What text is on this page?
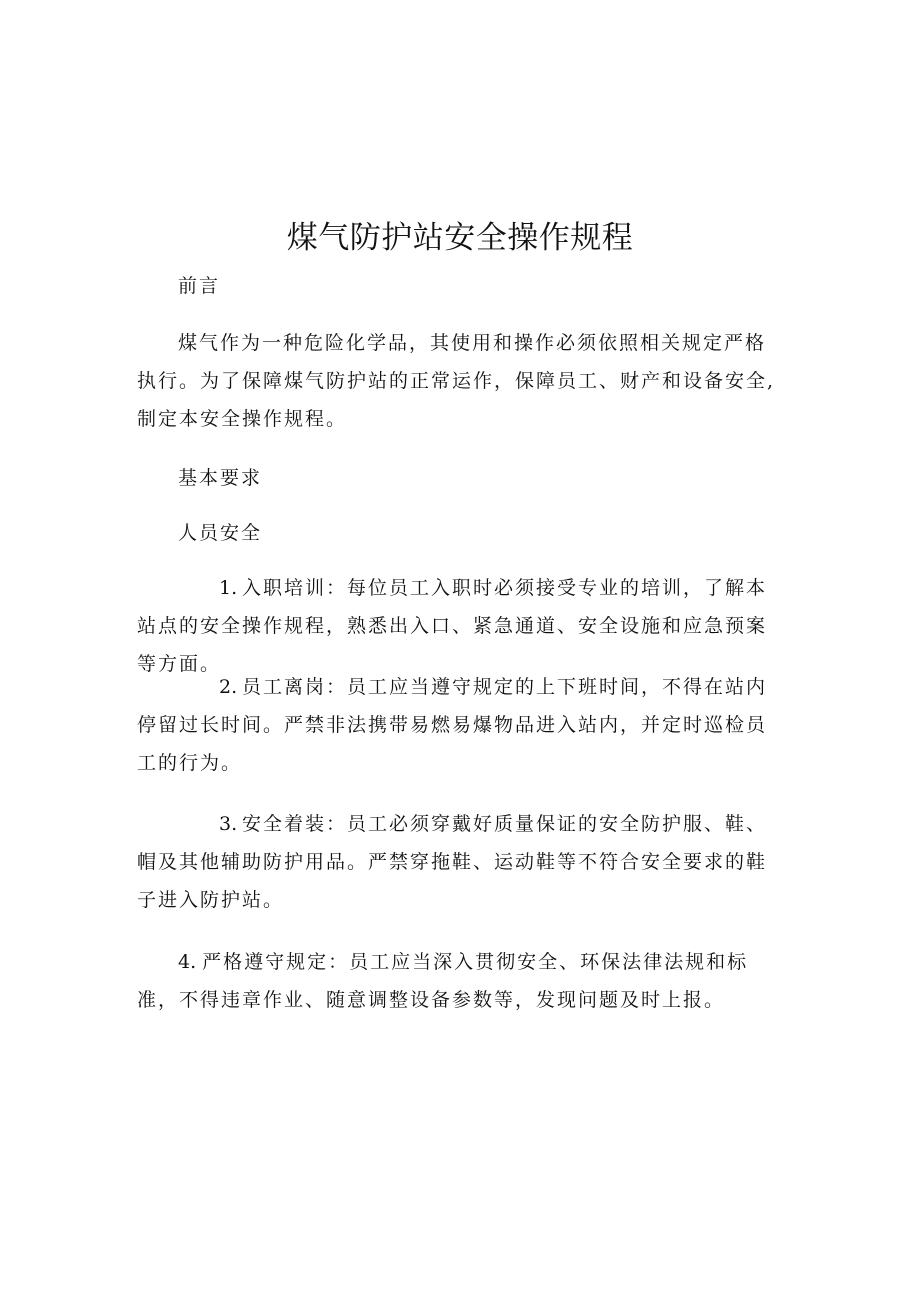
煤气防护站安全操作规程

前言

煤气作为一种危险化学品，其使用和操作必须依照相关规定严格执行。为了保障煤气防护站的正常运作，保障员工、财产和设备安全,制定本安全操作规程。

基本要求

人员安全

1. 入职培训：每位员工入职时必须接受专业的培训，了解本站点的安全操作规程，熟悉出入口、紧急通道、安全设施和应急预案等方面。

2. 员工离岗：员工应当遵守规定的上下班时间，不得在站内停留过长时间。严禁非法携带易燃易爆物品进入站内，并定时巡检员工的行为。

3. 安全着装：员工必须穿戴好质量保证的安全防护服、鞋、帽及其他辅助防护用品。严禁穿拖鞋、运动鞋等不符合安全要求的鞋子进入防护站。

4. 严格遵守规定：员工应当深入贯彻安全、环保法律法规和标准，不得违章作业、随意调整设备参数等，发现问题及时上报。
